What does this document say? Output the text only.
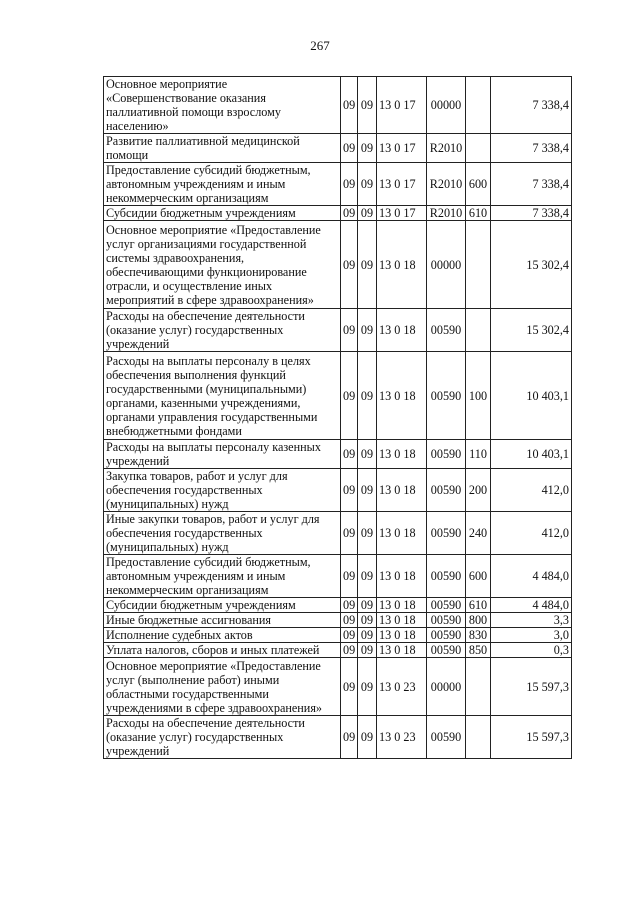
267
Основное мероприятие «Совершенствование оказания паллиативной помощи взрослому населению»	09	09	13 0 17	00000		7 338,4
Развитие паллиативной медицинской помощи	09	09	13 0 17	R2010		7 338,4
Предоставление субсидий бюджетным, автономным учреждениям и иным некоммерческим организациям	09	09	13 0 17	R2010	600	7 338,4
Субсидии бюджетным учреждениям	09	09	13 0 17	R2010	610	7 338,4
Основное мероприятие «Предоставление услуг организациями государственной системы здравоохранения, обеспечивающими функционирование отрасли, и осуществление иных мероприятий в сфере здравоохранения»	09	09	13 0 18	00000		15 302,4
Расходы на обеспечение деятельности (оказание услуг) государственных учреждений	09	09	13 0 18	00590		15 302,4
Расходы на выплаты персоналу в целях обеспечения выполнения функций государственными (муниципальными) органами, казенными учреждениями, органами управления государственными внебюджетными фондами	09	09	13 0 18	00590	100	10 403,1
Расходы на выплаты персоналу казенных учреждений	09	09	13 0 18	00590	110	10 403,1
Закупка товаров, работ и услуг для обеспечения государственных (муниципальных) нужд	09	09	13 0 18	00590	200	412,0
Иные закупки товаров, работ и услуг для обеспечения государственных (муниципальных) нужд	09	09	13 0 18	00590	240	412,0
Предоставление субсидий бюджетным, автономным учреждениям и иным некоммерческим организациям	09	09	13 0 18	00590	600	4 484,0
Субсидии бюджетным учреждениям	09	09	13 0 18	00590	610	4 484,0
Иные бюджетные ассигнования	09	09	13 0 18	00590	800	3,3
Исполнение судебных актов	09	09	13 0 18	00590	830	3,0
Уплата налогов, сборов и иных платежей	09	09	13 0 18	00590	850	0,3
Основное мероприятие «Предоставление услуг (выполнение работ) иными областными государственными учреждениями в сфере здравоохранения»	09	09	13 0 23	00000		15 597,3
Расходы на обеспечение деятельности (оказание услуг) государственных учреждений	09	09	13 0 23	00590		15 597,3
